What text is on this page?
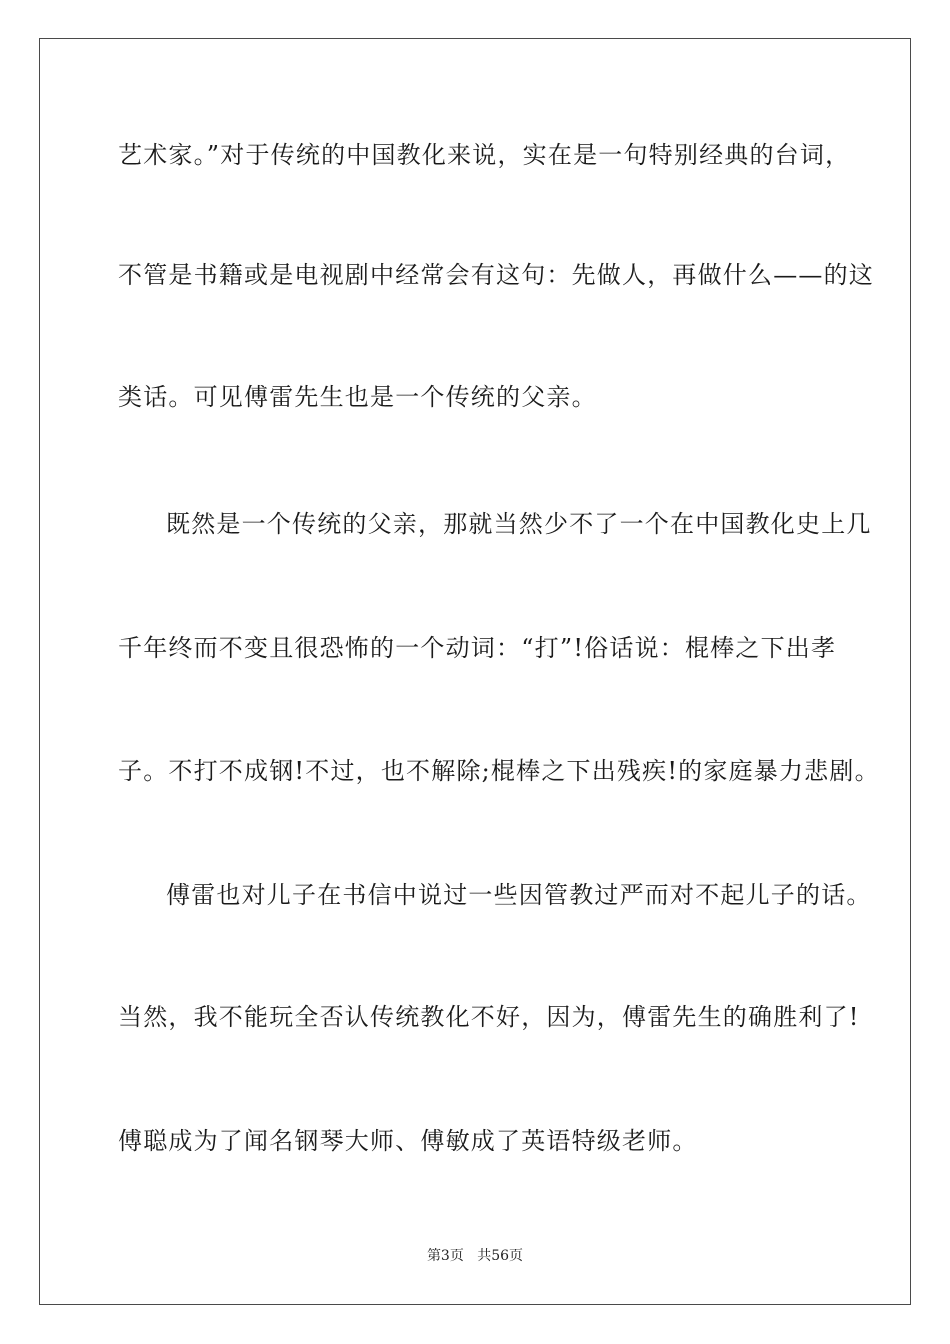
艺术家。”对于传统的中国教化来说，实在是一句特别经典的台词，
不管是书籍或是电视剧中经常会有这句：先做人，再做什么——的这
类话。可见傅雷先生也是一个传统的父亲。
既然是一个传统的父亲，那就当然少不了一个在中国教化史上几
千年终而不变且很恐怖的一个动词：“打”!俗话说：棍棒之下出孝
子。不打不成钢!不过，也不解除;棍棒之下出残疾!的家庭暴力悲剧。
傅雷也对儿子在书信中说过一些因管教过严而对不起儿子的话。
当然，我不能玩全否认传统教化不好，因为，傅雷先生的确胜利了!
傅聪成为了闻名钢琴大师、傅敏成了英语特级老师。
第3页 共56页
